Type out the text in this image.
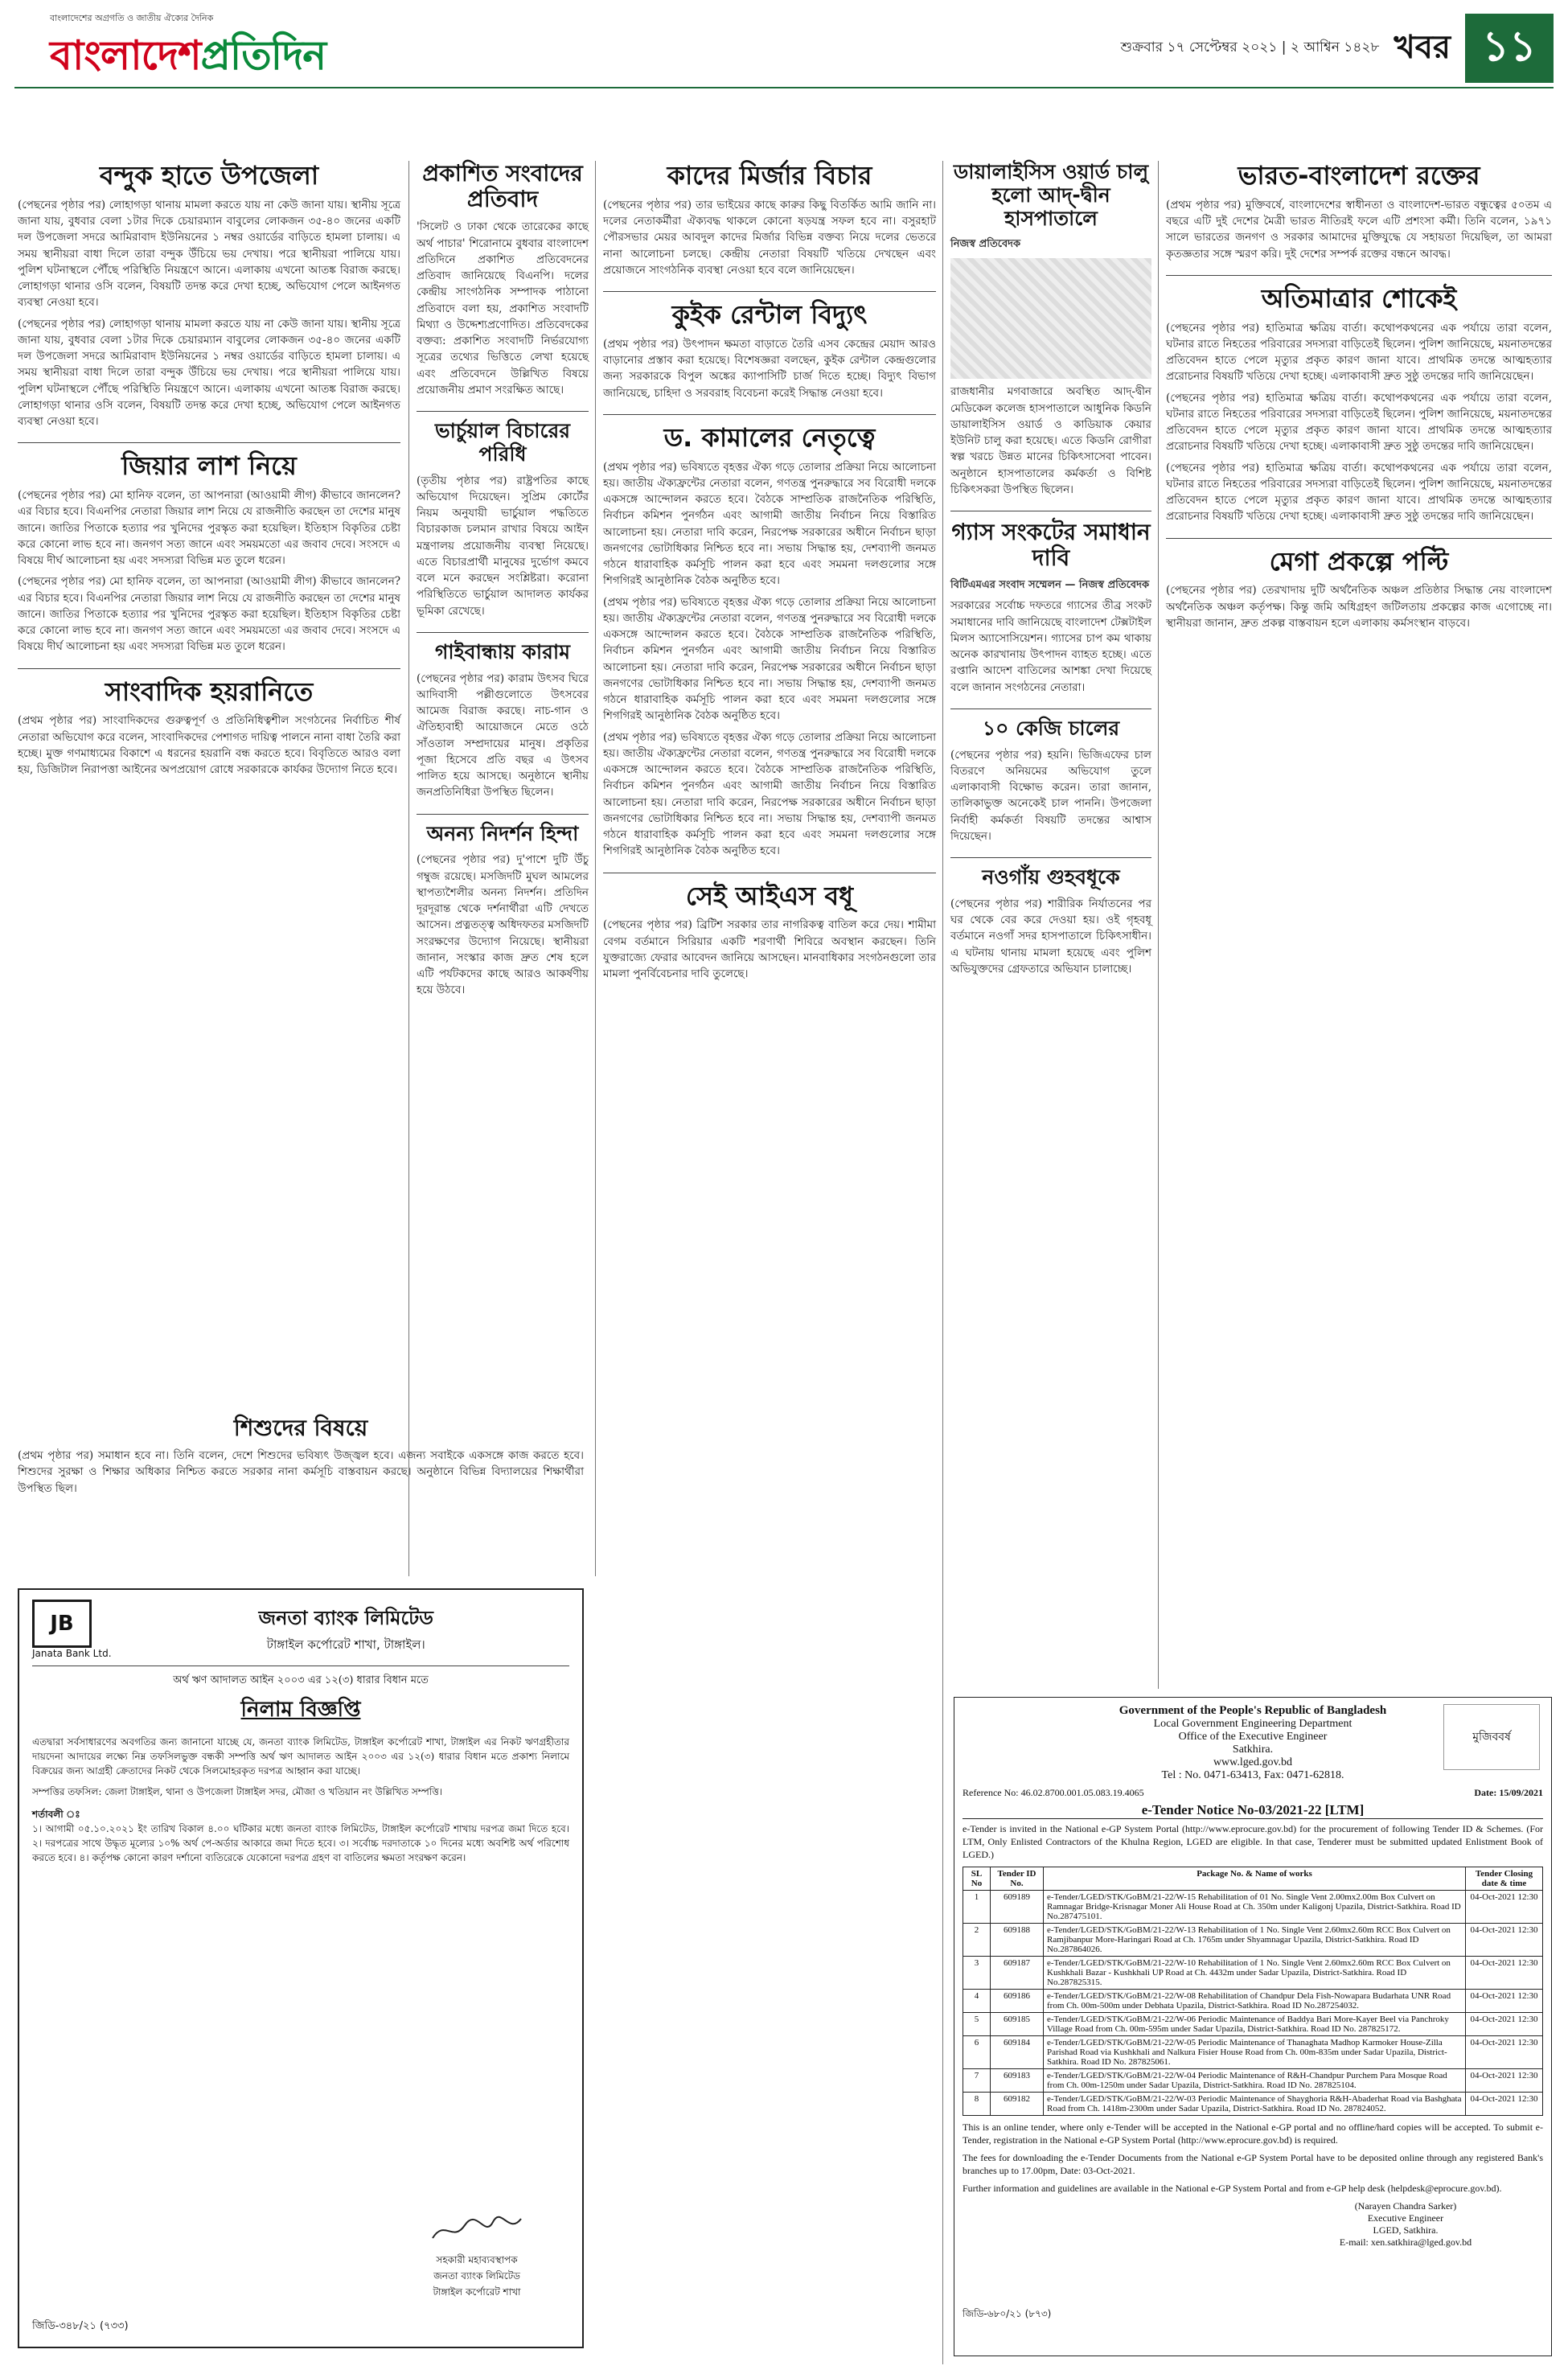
বাংলাদেশের অগ্রগতি ও জাতীয় ঐক্যের দৈনিক
বাংলাদেশপ্রতিদিন	শুক্রবার ১৭ সেপ্টেম্বর ২০২১ | ২ আশ্বিন ১৪২৮ খবর ১১
বন্দুক হাতে উপজেলা
(পেছনের পৃষ্ঠার পর) লোহাগড়া থানায় মামলা করতে যায় না কেউ জানা যায়। স্থানীয় সূত্রে জানা যায়, বুধবার বেলা ১টার দিকে চেয়ারম্যান বাবুলের লোকজন ৩৫-৪০ জনের একটি দল উপজেলা সদরে আমিরাবাদ ইউনিয়নের ১ নম্বর ওয়ার্ডের বাড়িতে হামলা চালায়। এ সময় স্থানীয়রা বাধা দিলে তারা বন্দুক উঁচিয়ে ভয় দেখায়। পরে স্থানীয়রা পালিয়ে যায়। পুলিশ ঘটনাস্থলে পৌঁছে পরিস্থিতি নিয়ন্ত্রণে আনে। এলাকায় এখনো আতঙ্ক বিরাজ করছে। লোহাগড়া থানার ওসি বলেন, বিষয়টি তদন্ত করে দেখা হচ্ছে, অভিযোগ পেলে আইনগত ব্যবস্থা নেওয়া হবে।
(পেছনের পৃষ্ঠার পর) লোহাগড়া থানায় মামলা করতে যায় না কেউ জানা যায়। স্থানীয় সূত্রে জানা যায়, বুধবার বেলা ১টার দিকে চেয়ারম্যান বাবুলের লোকজন ৩৫-৪০ জনের একটি দল উপজেলা সদরে আমিরাবাদ ইউনিয়নের ১ নম্বর ওয়ার্ডের বাড়িতে হামলা চালায়। এ সময় স্থানীয়রা বাধা দিলে তারা বন্দুক উঁচিয়ে ভয় দেখায়। পরে স্থানীয়রা পালিয়ে যায়। পুলিশ ঘটনাস্থলে পৌঁছে পরিস্থিতি নিয়ন্ত্রণে আনে। এলাকায় এখনো আতঙ্ক বিরাজ করছে। লোহাগড়া থানার ওসি বলেন, বিষয়টি তদন্ত করে দেখা হচ্ছে, অভিযোগ পেলে আইনগত ব্যবস্থা নেওয়া হবে।
জিয়ার লাশ নিয়ে
(পেছনের পৃষ্ঠার পর) মো হানিফ বলেন, তা আপনারা (আওয়ামী লীগ) কীভাবে জানলেন? এর বিচার হবে। বিএনপির নেতারা জিয়ার লাশ নিয়ে যে রাজনীতি করছেন তা দেশের মানুষ জানে। জাতির পিতাকে হত্যার পর খুনিদের পুরস্কৃত করা হয়েছিল। ইতিহাস বিকৃতির চেষ্টা করে কোনো লাভ হবে না। জনগণ সত্য জানে এবং সময়মতো এর জবাব দেবে। সংসদে এ বিষয়ে দীর্ঘ আলোচনা হয় এবং সদস্যরা বিভিন্ন মত তুলে ধরেন।
(পেছনের পৃষ্ঠার পর) মো হানিফ বলেন, তা আপনারা (আওয়ামী লীগ) কীভাবে জানলেন? এর বিচার হবে। বিএনপির নেতারা জিয়ার লাশ নিয়ে যে রাজনীতি করছেন তা দেশের মানুষ জানে। জাতির পিতাকে হত্যার পর খুনিদের পুরস্কৃত করা হয়েছিল। ইতিহাস বিকৃতির চেষ্টা করে কোনো লাভ হবে না। জনগণ সত্য জানে এবং সময়মতো এর জবাব দেবে। সংসদে এ বিষয়ে দীর্ঘ আলোচনা হয় এবং সদস্যরা বিভিন্ন মত তুলে ধরেন।
সাংবাদিক হয়রানিতে
(প্রথম পৃষ্ঠার পর) সাংবাদিকদের গুরুত্বপূর্ণ ও প্রতিনিধিত্বশীল সংগঠনের নির্বাচিত শীর্ষ নেতারা অভিযোগ করে বলেন, সাংবাদিকদের পেশাগত দায়িত্ব পালনে নানা বাধা তৈরি করা হচ্ছে। মুক্ত গণমাধ্যমের বিকাশে এ ধরনের হয়রানি বন্ধ করতে হবে। বিবৃতিতে আরও বলা হয়, ডিজিটাল নিরাপত্তা আইনের অপপ্রয়োগ রোধে সরকারকে কার্যকর উদ্যোগ নিতে হবে।
প্রকাশিত সংবাদের প্রতিবাদ
'সিলেট ও ঢাকা থেকে তারেকের কাছে অর্থ পাচার' শিরোনামে বুধবার বাংলাদেশ প্রতিদিনে প্রকাশিত প্রতিবেদনের প্রতিবাদ জানিয়েছে বিএনপি। দলের কেন্দ্রীয় সাংগঠনিক সম্পাদক পাঠানো প্রতিবাদে বলা হয়, প্রকাশিত সংবাদটি মিথ্যা ও উদ্দেশ্যপ্রণোদিত। প্রতিবেদকের বক্তব্য: প্রকাশিত সংবাদটি নির্ভরযোগ্য সূত্রের তথ্যের ভিত্তিতে লেখা হয়েছে এবং প্রতিবেদনে উল্লিখিত বিষয়ে প্রয়োজনীয় প্রমাণ সংরক্ষিত আছে।
ভার্চুয়াল বিচারের পরিধি
(তৃতীয় পৃষ্ঠার পর) রাষ্ট্রপতির কাছে অভিযোগ দিয়েছেন। সুপ্রিম কোর্টের নিয়ম অনুযায়ী ভার্চুয়াল পদ্ধতিতে বিচারকাজ চলমান রাখার বিষয়ে আইন মন্ত্রণালয় প্রয়োজনীয় ব্যবস্থা নিয়েছে। এতে বিচারপ্রার্থী মানুষের দুর্ভোগ কমবে বলে মনে করছেন সংশ্লিষ্টরা। করোনা পরিস্থিতিতে ভার্চুয়াল আদালত কার্যকর ভূমিকা রেখেছে।
গাইবান্ধায় কারাম
(পেছনের পৃষ্ঠার পর) কারাম উৎসব ঘিরে আদিবাসী পল্লীগুলোতে উৎসবের আমেজ বিরাজ করছে। নাচ-গান ও ঐতিহ্যবাহী আয়োজনে মেতে ওঠে সাঁওতাল সম্প্রদায়ের মানুষ। প্রকৃতির পূজা হিসেবে প্রতি বছর এ উৎসব পালিত হয়ে আসছে। অনুষ্ঠানে স্থানীয় জনপ্রতিনিধিরা উপস্থিত ছিলেন।
অনন্য নিদর্শন হিন্দা
(পেছনের পৃষ্ঠার পর) দু'পাশে দুটি উঁচু গম্বুজ রয়েছে। মসজিদটি মুঘল আমলের স্থাপত্যশৈলীর অনন্য নিদর্শন। প্রতিদিন দূরদূরান্ত থেকে দর্শনার্থীরা এটি দেখতে আসেন। প্রত্নতত্ত্ব অধিদফতর মসজিদটি সংরক্ষণের উদ্যোগ নিয়েছে। স্থানীয়রা জানান, সংস্কার কাজ দ্রুত শেষ হলে এটি পর্যটকদের কাছে আরও আকর্ষণীয় হয়ে উঠবে।
শিশুদের বিষয়ে
(প্রথম পৃষ্ঠার পর) সমাধান হবে না। তিনি বলেন, দেশে শিশুদের ভবিষ্যৎ উজ্জ্বল হবে। এজন্য সবাইকে একসঙ্গে কাজ করতে হবে। শিশুদের সুরক্ষা ও শিক্ষার অধিকার নিশ্চিত করতে সরকার নানা কর্মসূচি বাস্তবায়ন করছে। অনুষ্ঠানে বিভিন্ন বিদ্যালয়ের শিক্ষার্থীরা উপস্থিত ছিল।
JB
Janata Bank Ltd.
জনতা ব্যাংক লিমিটেড
টাঙ্গাইল কর্পোরেট শাখা, টাঙ্গাইল।
অর্থ ঋণ আদালত আইন ২০০৩ এর ১২(৩) ধারার বিধান মতে
নিলাম বিজ্ঞপ্তি
এতদ্বারা সর্বসাধারণের অবগতির জন্য জানানো যাচ্ছে যে, জনতা ব্যাংক লিমিটেড, টাঙ্গাইল কর্পোরেট শাখা, টাঙ্গাইল এর নিকট ঋণগ্রহীতার দায়দেনা আদায়ের লক্ষ্যে নিম্ন তফসিলভুক্ত বন্ধকী সম্পত্তি অর্থ ঋণ আদালত আইন ২০০৩ এর ১২(৩) ধারার বিধান মতে প্রকাশ্য নিলামে বিক্রয়ের জন্য আগ্রহী ক্রেতাদের নিকট থেকে সিলমোহরকৃত দরপত্র আহ্বান করা যাচ্ছে।
সম্পত্তির তফসিল: জেলা টাঙ্গাইল, থানা ও উপজেলা টাঙ্গাইল সদর, মৌজা ও খতিয়ান নং উল্লিখিত সম্পত্তি।
শর্তাবলী ঃ
১। আগামী ০৫.১০.২০২১ ইং তারিখ বিকাল ৪.০০ ঘটিকার মধ্যে জনতা ব্যাংক লিমিটেড, টাঙ্গাইল কর্পোরেট শাখায় দরপত্র জমা দিতে হবে। ২। দরপত্রের সাথে উদ্ধৃত মূল্যের ১০% অর্থ পে-অর্ডার আকারে জমা দিতে হবে। ৩। সর্বোচ্চ দরদাতাকে ১০ দিনের মধ্যে অবশিষ্ট অর্থ পরিশোধ করতে হবে। ৪। কর্তৃপক্ষ কোনো কারণ দর্শানো ব্যতিরেকে যেকোনো দরপত্র গ্রহণ বা বাতিলের ক্ষমতা সংরক্ষণ করেন।
সহকারী মহাব্যবস্থাপক
জনতা ব্যাংক লিমিটেড
টাঙ্গাইল কর্পোরেট শাখা
জিডি-৩৪৮/২১ (৭৩৩)
কাদের মির্জার বিচার
(পেছনের পৃষ্ঠার পর) তার ভাইয়ের কাছে কারুর কিছু বিতর্কিত আমি জানি না। দলের নেতাকর্মীরা ঐক্যবদ্ধ থাকলে কোনো ষড়যন্ত্র সফল হবে না। বসুরহাট পৌরসভার মেয়র আবদুল কাদের মির্জার বিভিন্ন বক্তব্য নিয়ে দলের ভেতরে নানা আলোচনা চলছে। কেন্দ্রীয় নেতারা বিষয়টি খতিয়ে দেখছেন এবং প্রয়োজনে সাংগঠনিক ব্যবস্থা নেওয়া হবে বলে জানিয়েছেন।
কুইক রেন্টাল বিদ্যুৎ
(প্রথম পৃষ্ঠার পর) উৎপাদন ক্ষমতা বাড়াতে তৈরি এসব কেন্দ্রের মেয়াদ আরও বাড়ানোর প্রস্তাব করা হয়েছে। বিশেষজ্ঞরা বলছেন, কুইক রেন্টাল কেন্দ্রগুলোর জন্য সরকারকে বিপুল অঙ্কের ক্যাপাসিটি চার্জ দিতে হচ্ছে। বিদ্যুৎ বিভাগ জানিয়েছে, চাহিদা ও সরবরাহ বিবেচনা করেই সিদ্ধান্ত নেওয়া হবে।
ড. কামালের নেতৃত্বে
(প্রথম পৃষ্ঠার পর) ভবিষ্যতে বৃহত্তর ঐক্য গড়ে তোলার প্রক্রিয়া নিয়ে আলোচনা হয়। জাতীয় ঐক্যফ্রন্টের নেতারা বলেন, গণতন্ত্র পুনরুদ্ধারে সব বিরোধী দলকে একসঙ্গে আন্দোলন করতে হবে। বৈঠকে সাম্প্রতিক রাজনৈতিক পরিস্থিতি, নির্বাচন কমিশন পুনর্গঠন এবং আগামী জাতীয় নির্বাচন নিয়ে বিস্তারিত আলোচনা হয়। নেতারা দাবি করেন, নিরপেক্ষ সরকারের অধীনে নির্বাচন ছাড়া জনগণের ভোটাধিকার নিশ্চিত হবে না। সভায় সিদ্ধান্ত হয়, দেশব্যাপী জনমত গঠনে ধারাবাহিক কর্মসূচি পালন করা হবে এবং সমমনা দলগুলোর সঙ্গে শিগগিরই আনুষ্ঠানিক বৈঠক অনুষ্ঠিত হবে।
(প্রথম পৃষ্ঠার পর) ভবিষ্যতে বৃহত্তর ঐক্য গড়ে তোলার প্রক্রিয়া নিয়ে আলোচনা হয়। জাতীয় ঐক্যফ্রন্টের নেতারা বলেন, গণতন্ত্র পুনরুদ্ধারে সব বিরোধী দলকে একসঙ্গে আন্দোলন করতে হবে। বৈঠকে সাম্প্রতিক রাজনৈতিক পরিস্থিতি, নির্বাচন কমিশন পুনর্গঠন এবং আগামী জাতীয় নির্বাচন নিয়ে বিস্তারিত আলোচনা হয়। নেতারা দাবি করেন, নিরপেক্ষ সরকারের অধীনে নির্বাচন ছাড়া জনগণের ভোটাধিকার নিশ্চিত হবে না। সভায় সিদ্ধান্ত হয়, দেশব্যাপী জনমত গঠনে ধারাবাহিক কর্মসূচি পালন করা হবে এবং সমমনা দলগুলোর সঙ্গে শিগগিরই আনুষ্ঠানিক বৈঠক অনুষ্ঠিত হবে।
(প্রথম পৃষ্ঠার পর) ভবিষ্যতে বৃহত্তর ঐক্য গড়ে তোলার প্রক্রিয়া নিয়ে আলোচনা হয়। জাতীয় ঐক্যফ্রন্টের নেতারা বলেন, গণতন্ত্র পুনরুদ্ধারে সব বিরোধী দলকে একসঙ্গে আন্দোলন করতে হবে। বৈঠকে সাম্প্রতিক রাজনৈতিক পরিস্থিতি, নির্বাচন কমিশন পুনর্গঠন এবং আগামী জাতীয় নির্বাচন নিয়ে বিস্তারিত আলোচনা হয়। নেতারা দাবি করেন, নিরপেক্ষ সরকারের অধীনে নির্বাচন ছাড়া জনগণের ভোটাধিকার নিশ্চিত হবে না। সভায় সিদ্ধান্ত হয়, দেশব্যাপী জনমত গঠনে ধারাবাহিক কর্মসূচি পালন করা হবে এবং সমমনা দলগুলোর সঙ্গে শিগগিরই আনুষ্ঠানিক বৈঠক অনুষ্ঠিত হবে।
সেই আইএস বধূ
(পেছনের পৃষ্ঠার পর) ব্রিটিশ সরকার তার নাগরিকত্ব বাতিল করে দেয়। শামীমা বেগম বর্তমানে সিরিয়ার একটি শরণার্থী শিবিরে অবস্থান করছেন। তিনি যুক্তরাজ্যে ফেরার আবেদন জানিয়ে আসছেন। মানবাধিকার সংগঠনগুলো তার মামলা পুনর্বিবেচনার দাবি তুলেছে।
ডায়ালাইসিস ওয়ার্ড চালু হলো আদ্-দ্বীন হাসপাতালে
নিজস্ব প্রতিবেদক
রাজধানীর মগবাজারে অবস্থিত আদ্-দ্বীন মেডিকেল কলেজ হাসপাতালে আধুনিক কিডনি ডায়ালাইসিস ওয়ার্ড ও কাডিয়াক কেয়ার ইউনিট চালু করা হয়েছে। এতে কিডনি রোগীরা স্বল্প খরচে উন্নত মানের চিকিৎসাসেবা পাবেন। অনুষ্ঠানে হাসপাতালের কর্মকর্তা ও বিশিষ্ট চিকিৎসকরা উপস্থিত ছিলেন।
গ্যাস সংকটের সমাধান দাবি
বিটিএমএর সংবাদ সম্মেলন — নিজস্ব প্রতিবেদক
সরকারের সর্বোচ্চ দফতরে গ্যাসের তীব্র সংকট সমাধানের দাবি জানিয়েছে বাংলাদেশ টেক্সটাইল মিলস অ্যাসোসিয়েশন। গ্যাসের চাপ কম থাকায় অনেক কারখানায় উৎপাদন ব্যাহত হচ্ছে। এতে রপ্তানি আদেশ বাতিলের আশঙ্কা দেখা দিয়েছে বলে জানান সংগঠনের নেতারা।
১০ কেজি চালের
(পেছনের পৃষ্ঠার পর) হয়নি। ভিজিএফের চাল বিতরণে অনিয়মের অভিযোগ তুলে এলাকাবাসী বিক্ষোভ করেন। তারা জানান, তালিকাভুক্ত অনেকেই চাল পাননি। উপজেলা নির্বাহী কর্মকর্তা বিষয়টি তদন্তের আশ্বাস দিয়েছেন।
নওগাঁয় গুহবধূকে
(পেছনের পৃষ্ঠার পর) শারীরিক নির্যাতনের পর ঘর থেকে বের করে দেওয়া হয়। ওই গৃহবধূ বর্তমানে নওগাঁ সদর হাসপাতালে চিকিৎসাধীন। এ ঘটনায় থানায় মামলা হয়েছে এবং পুলিশ অভিযুক্তদের গ্রেফতারে অভিযান চালাচ্ছে।
ভারত-বাংলাদেশ রক্তের
(প্রথম পৃষ্ঠার পর) মুক্তিবর্ষে, বাংলাদেশের স্বাধীনতা ও বাংলাদেশ-ভারত বন্ধুত্বের ৫০তম এ বছরে এটি দুই দেশের মৈত্রী ভারত নীতিরই ফলে এটি প্রশংসা কর্মী। তিনি বলেন, ১৯৭১ সালে ভারতের জনগণ ও সরকার আমাদের মুক্তিযুদ্ধে যে সহায়তা দিয়েছিল, তা আমরা কৃতজ্ঞতার সঙ্গে স্মরণ করি। দুই দেশের সম্পর্ক রক্তের বন্ধনে আবদ্ধ।
অতিমাত্রার শোকেই
(পেছনের পৃষ্ঠার পর) হাতিমাত্র ক্ষত্রিয় বার্তা। কথোপকথনের এক পর্যায়ে তারা বলেন, ঘটনার রাতে নিহতের পরিবারের সদস্যরা বাড়িতেই ছিলেন। পুলিশ জানিয়েছে, ময়নাতদন্তের প্রতিবেদন হাতে পেলে মৃত্যুর প্রকৃত কারণ জানা যাবে। প্রাথমিক তদন্তে আত্মহত্যার প্ররোচনার বিষয়টি খতিয়ে দেখা হচ্ছে। এলাকাবাসী দ্রুত সুষ্ঠু তদন্তের দাবি জানিয়েছেন।
(পেছনের পৃষ্ঠার পর) হাতিমাত্র ক্ষত্রিয় বার্তা। কথোপকথনের এক পর্যায়ে তারা বলেন, ঘটনার রাতে নিহতের পরিবারের সদস্যরা বাড়িতেই ছিলেন। পুলিশ জানিয়েছে, ময়নাতদন্তের প্রতিবেদন হাতে পেলে মৃত্যুর প্রকৃত কারণ জানা যাবে। প্রাথমিক তদন্তে আত্মহত্যার প্ররোচনার বিষয়টি খতিয়ে দেখা হচ্ছে। এলাকাবাসী দ্রুত সুষ্ঠু তদন্তের দাবি জানিয়েছেন।
(পেছনের পৃষ্ঠার পর) হাতিমাত্র ক্ষত্রিয় বার্তা। কথোপকথনের এক পর্যায়ে তারা বলেন, ঘটনার রাতে নিহতের পরিবারের সদস্যরা বাড়িতেই ছিলেন। পুলিশ জানিয়েছে, ময়নাতদন্তের প্রতিবেদন হাতে পেলে মৃত্যুর প্রকৃত কারণ জানা যাবে। প্রাথমিক তদন্তে আত্মহত্যার প্ররোচনার বিষয়টি খতিয়ে দেখা হচ্ছে। এলাকাবাসী দ্রুত সুষ্ঠু তদন্তের দাবি জানিয়েছেন।
মেগা প্রকল্পে পল্টি
(পেছনের পৃষ্ঠার পর) তেরখাদায় দুটি অর্থনৈতিক অঞ্চল প্রতিষ্ঠার সিদ্ধান্ত নেয় বাংলাদেশ অর্থনৈতিক অঞ্চল কর্তৃপক্ষ। কিন্তু জমি অধিগ্রহণ জটিলতায় প্রকল্পের কাজ এগোচ্ছে না। স্থানীয়রা জানান, দ্রুত প্রকল্প বাস্তবায়ন হলে এলাকায় কর্মসংস্থান বাড়বে।
মুজিববর্ষ
Government of the People's Republic of Bangladesh
Local Government Engineering Department
Office of the Executive Engineer
Satkhira.
www.lged.gov.bd
Tel : No. 0471-63413, Fax: 0471-62818.
Reference No: 46.02.8700.001.05.083.19.4065	Date: 15/09/2021
e-Tender Notice No-03/2021-22 [LTM]
e-Tender is invited in the National e-GP System Portal (http://www.eprocure.gov.bd) for the procurement of following Tender ID & Schemes. (For LTM, Only Enlisted Contractors of the Khulna Region, LGED are eligible. In that case, Tenderer must be submitted updated Enlistment Book of LGED.)
SL No	Tender ID No.	Package No. & Name of works	Tender Closing date & time
1	609189	e-Tender/LGED/STK/GoBM/21-22/W-15 Rehabilitation of 01 No. Single Vent 2.00mx2.00m Box Culvert on Ramnagar Bridge-Krisnagar Moner Ali House Road at Ch. 350m under Kaligonj Upazila, District-Satkhira. Road ID No.287475101.	04-Oct-2021 12:30
2	609188	e-Tender/LGED/STK/GoBM/21-22/W-13 Rehabilitation of 1 No. Single Vent 2.60mx2.60m RCC Box Culvert on Ramjibanpur More-Haringari Road at Ch. 1765m under Shyamnagar Upazila, District-Satkhira. Road ID No.287864026.	04-Oct-2021 12:30
3	609187	e-Tender/LGED/STK/GoBM/21-22/W-10 Rehabilitation of 1 No. Single Vent 2.60mx2.60m RCC Box Culvert on Kushkhali Bazar - Kushkhali UP Road at Ch. 4432m under Sadar Upazila, District-Satkhira. Road ID No.287825315.	04-Oct-2021 12:30
4	609186	e-Tender/LGED/STK/GoBM/21-22/W-08 Rehabilitation of Chandpur Dela Fish-Nowapara Budarhata UNR Road from Ch. 00m-500m under Debhata Upazila, District-Satkhira. Road ID No.287254032.	04-Oct-2021 12:30
5	609185	e-Tender/LGED/STK/GoBM/21-22/W-06 Periodic Maintenance of Baddya Bari More-Kayer Beel via Panchroky Village Road from Ch. 00m-595m under Sadar Upazila, District-Satkhira. Road ID No. 287825172.	04-Oct-2021 12:30
6	609184	e-Tender/LGED/STK/GoBM/21-22/W-05 Periodic Maintenance of Thanaghata Madhop Karmoker House-Zilla Parishad Road via Kushkhali and Nalkura Fisier House Road from Ch. 00m-835m under Sadar Upazila, District-Satkhira. Road ID No. 287825061.	04-Oct-2021 12:30
7	609183	e-Tender/LGED/STK/GoBM/21-22/W-04 Periodic Maintenance of R&H-Chandpur Purchem Para Mosque Road from Ch. 00m-1250m under Sadar Upazila, District-Satkhira. Road ID No. 287825104.	04-Oct-2021 12:30
8	609182	e-Tender/LGED/STK/GoBM/21-22/W-03 Periodic Maintenance of Shayghoria R&H-Abaderhat Road via Bashghata Road from Ch. 1418m-2300m under Sadar Upazila, District-Satkhira. Road ID No. 287824052.	04-Oct-2021 12:30
This is an online tender, where only e-Tender will be accepted in the National e-GP portal and no offline/hard copies will be accepted. To submit e-Tender, registration in the National e-GP System Portal (http://www.eprocure.gov.bd) is required.
The fees for downloading the e-Tender Documents from the National e-GP System Portal have to be deposited online through any registered Bank's branches up to 17.00pm, Date: 03-Oct-2021.
Further information and guidelines are available in the National e-GP System Portal and from e-GP help desk (helpdesk@eprocure.gov.bd).
(Narayen Chandra Sarker)
Executive Engineer
LGED, Satkhira.
E-mail: xen.satkhira@lged.gov.bd
জিডি-৬৮০/২১ (৮৭৩)
